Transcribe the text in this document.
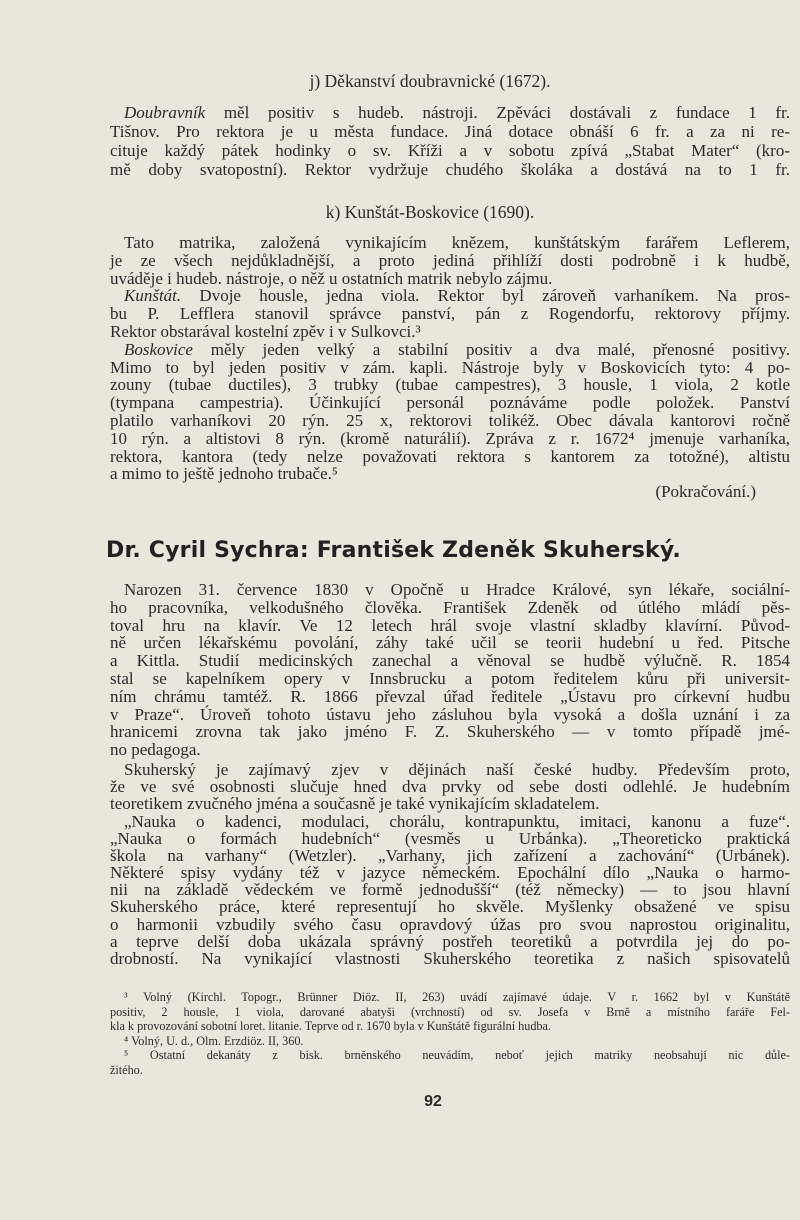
j) Děkanství doubravnické (1672).
Doubravník měl positiv s hudeb. nástroji. Zpěváci dostávali z fundace 1 fr.
Tišnov. Pro rektora je u města fundace. Jiná dotace obnáší 6 fr. a za ni re-
cituje každý pátek hodinky o sv. Kříži a v sobotu zpívá „Stabat Mater“ (kro-
mě doby svatopostní). Rektor vydržuje chudého školáka a dostává na to 1 fr.
k) Kunštát-Boskovice (1690).
Tato matrika, založená vynikajícím knězem, kunštátským farářem Leflerem,
je ze všech nejdůkladnější, a proto jediná přihlíží dosti podrobně i k hudbě,
uváděje i hudeb. nástroje, o něž u ostatních matrik nebylo zájmu.
Kunštát. Dvoje housle, jedna viola. Rektor byl zároveň varhaníkem. Na pros-
bu P. Lefflera stanovil správce panství, pán z Rogendorfu, rektorovy příjmy.
Rektor obstarával kostelní zpěv i v Sulkovci.³
Boskovice měly jeden velký a stabilní positiv a dva malé, přenosné positivy.
Mimo to byl jeden positiv v zám. kapli. Nástroje byly v Boskovicích tyto: 4 po-
zouny (tubae ductiles), 3 trubky (tubae campestres), 3 housle, 1 viola, 2 kotle
(tympana campestria). Účinkující personál poznáváme podle položek. Panství
platilo varhaníkovi 20 rýn. 25 x, rektorovi tolikéž. Obec dávala kantorovi ročně
10 rýn. a altistovi 8 rýn. (kromě naturálií). Zpráva z r. 1672⁴ jmenuje varhaníka,
rektora, kantora (tedy nelze považovati rektora s kantorem za totožné), altistu
a mimo to ještě jednoho trubače.⁵
(Pokračování.)
Dr. Cyril Sychra: František Zdeněk Skuherský.
Narozen 31. července 1830 v Opočně u Hradce Králové, syn lékaře, sociální-
ho pracovníka, velkodušného člověka. František Zdeněk od útlého mládí pěs-
toval hru na klavír. Ve 12 letech hrál svoje vlastní skladby klavírní. Původ-
ně určen lékařskému povolání, záhy také učil se teorii hudební u řed. Pitsche
a Kittla. Studií medicinských zanechal a věnoval se hudbě výlučně. R. 1854
stal se kapelníkem opery v Innsbrucku a potom ředitelem kůru při universit-
ním chrámu tamtéž. R. 1866 převzal úřad ředitele „Ústavu pro církevní hudbu
v Praze“. Úroveň tohoto ústavu jeho zásluhou byla vysoká a došla uznání i za
hranicemi zrovna tak jako jméno F. Z. Skuherského — v tomto případě jmé-
no pedagoga.
Skuherský je zajímavý zjev v dějinách naší české hudby. Především proto,
že ve své osobnosti slučuje hned dva prvky od sebe dosti odlehlé. Je hudebním
teoretikem zvučného jména a současně je také vynikajícím skladatelem.
„Nauka o kadenci, modulaci, chorálu, kontrapunktu, imitaci, kanonu a fuze“.
„Nauka o formách hudebních“ (vesměs u Urbánka). „Theoreticko praktická
škola na varhany“ (Wetzler). „Varhany, jich zařízení a zachování“ (Urbánek).
Některé spisy vydány též v jazyce německém. Epochální dílo „Nauka o harmo-
nii na základě vědeckém ve formě jednodušší“ (též německy) — to jsou hlavní
Skuherského práce, které representují ho skvěle. Myšlenky obsažené ve spisu
o harmonii vzbudily svého času opravdový úžas pro svou naprostou originalitu,
a teprve delší doba ukázala správný postřeh teoretiků a potvrdila jej do po-
drobností. Na vynikající vlastnosti Skuherského teoretika z našich spisovatelů
³ Volný (Kirchl. Topogr., Brünner Diöz. II, 263) uvádí zajímavé údaje. V r. 1662 byl v Kunštátě
positiv, 2 housle, 1 viola, darované abatyši (vrchností) od sv. Josefa v Brně a místního faráře Fel-
kla k provozování sobotní loret. litanie. Teprve od r. 1670 byla v Kunštátě figurální hudba.
⁴ Volný, U. d., Olm. Erzdiöz. II, 360.
⁵ Ostatní dekanáty z bisk. brněnského neuvádím, neboť jejich matriky neobsahují nic důle-
žitého.
92
